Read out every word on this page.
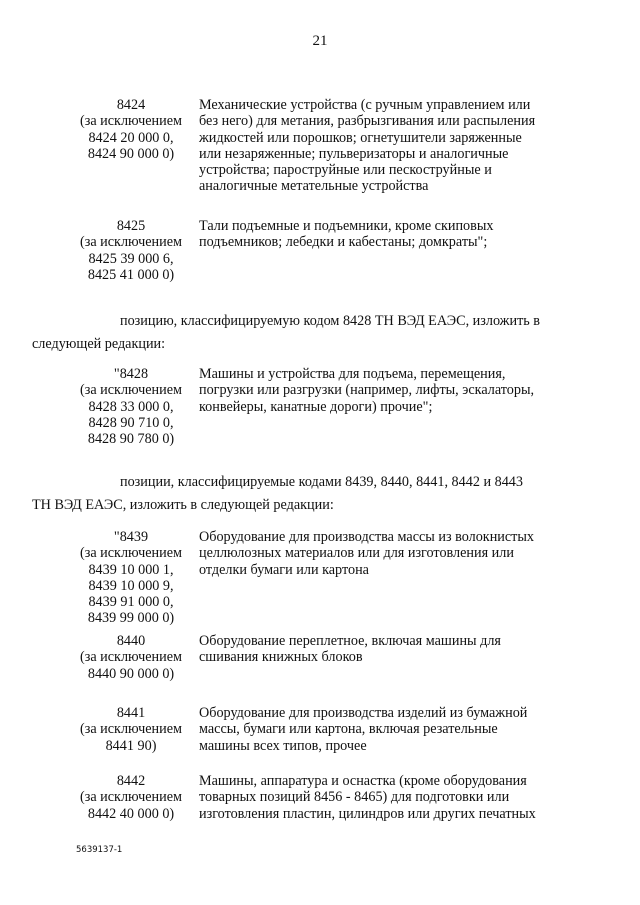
21
8424
(за исключением
8424 20 000 0,
8424 90 000 0)
Механические устройства (с ручным управлением или
без него) для метания, разбрызгивания или распыления
жидкостей или порошков; огнетушители заряженные
или незаряженные; пульверизаторы и аналогичные
устройства; пароструйные или пескоструйные и
аналогичные метательные устройства
8425
(за исключением
8425 39 000 6,
8425 41 000 0)
Тали подъемные и подъемники, кроме скиповых
подъемников; лебедки и кабестаны; домкраты";
позицию, классифицируемую кодом 8428 ТН ВЭД ЕАЭС, изложить в
следующей редакции:
"8428
(за исключением
8428 33 000 0,
8428 90 710 0,
8428 90 780 0)
Машины и устройства для подъема, перемещения,
погрузки или разгрузки (например, лифты, эскалаторы,
конвейеры, канатные дороги) прочие";
позиции, классифицируемые кодами 8439, 8440, 8441, 8442 и 8443
ТН ВЭД ЕАЭС, изложить в следующей редакции:
"8439
(за исключением
8439 10 000 1,
8439 10 000 9,
8439 91 000 0,
8439 99 000 0)
Оборудование для производства массы из волокнистых
целлюлозных материалов или для изготовления или
отделки бумаги или картона
8440
(за исключением
8440 90 000 0)
Оборудование переплетное, включая машины для
сшивания книжных блоков
8441
(за исключением
8441 90)
Оборудование для производства изделий из бумажной
массы, бумаги или картона, включая резательные
машины всех типов, прочее
8442
(за исключением
8442 40 000 0)
Машины, аппаратура и оснастка (кроме оборудования
товарных позиций 8456 - 8465) для подготовки или
изготовления пластин, цилиндров или других печатных
5639137-1
